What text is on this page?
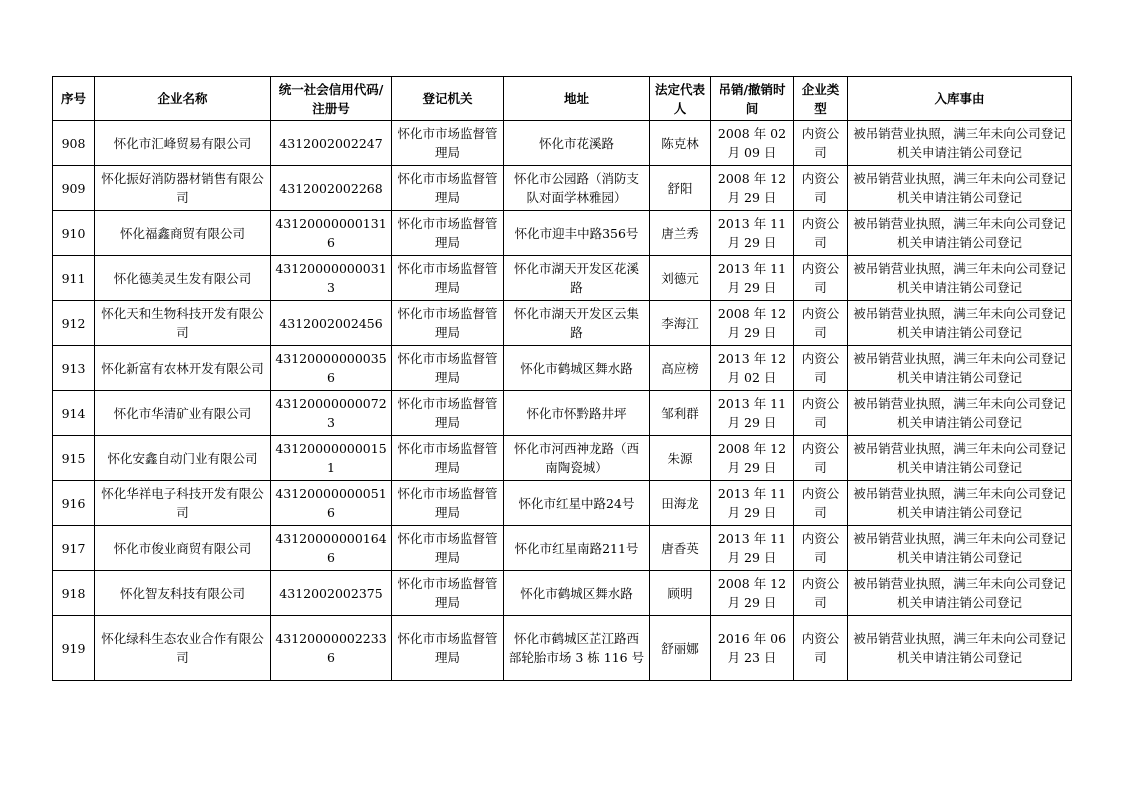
序号	企业名称	统一社会信用代码/注册号	登记机关	地址	法定代表人	吊销/撤销时间	企业类型	入库事由
908	怀化市汇峰贸易有限公司	4312002002247	怀化市市场监督管理局	怀化市花溪路	陈克林	2008 年 02 月 09 日	内资公司	被吊销营业执照，满三年未向公司登记机关申请注销公司登记
909	怀化振好消防器材销售有限公司	4312002002268	怀化市市场监督管理局	怀化市公园路（消防支队对面学林雅园）	舒阳	2008 年 12 月 29 日	内资公司	被吊销营业执照，满三年未向公司登记机关申请注销公司登记
910	怀化福鑫商贸有限公司	431200000001316	怀化市市场监督管理局	怀化市迎丰中路356号	唐兰秀	2013 年 11 月 29 日	内资公司	被吊销营业执照，满三年未向公司登记机关申请注销公司登记
911	怀化德美灵生发有限公司	431200000000313	怀化市市场监督管理局	怀化市湖天开发区花溪路	刘德元	2013 年 11 月 29 日	内资公司	被吊销营业执照，满三年未向公司登记机关申请注销公司登记
912	怀化天和生物科技开发有限公司	4312002002456	怀化市市场监督管理局	怀化市湖天开发区云集路	李海江	2008 年 12 月 29 日	内资公司	被吊销营业执照，满三年未向公司登记机关申请注销公司登记
913	怀化新富有农林开发有限公司	431200000000356	怀化市市场监督管理局	怀化市鹤城区舞水路	高应榜	2013 年 12 月 02 日	内资公司	被吊销营业执照，满三年未向公司登记机关申请注销公司登记
914	怀化市华清矿业有限公司	431200000000723	怀化市市场监督管理局	怀化市怀黔路井坪	邹利群	2013 年 11 月 29 日	内资公司	被吊销营业执照，满三年未向公司登记机关申请注销公司登记
915	怀化安鑫自动门业有限公司	431200000000151	怀化市市场监督管理局	怀化市河西神龙路（西南陶瓷城）	朱源	2008 年 12 月 29 日	内资公司	被吊销营业执照，满三年未向公司登记机关申请注销公司登记
916	怀化华祥电子科技开发有限公司	431200000000516	怀化市市场监督管理局	怀化市红星中路24号	田海龙	2013 年 11 月 29 日	内资公司	被吊销营业执照，满三年未向公司登记机关申请注销公司登记
917	怀化市俊业商贸有限公司	431200000001646	怀化市市场监督管理局	怀化市红星南路211号	唐香英	2013 年 11 月 29 日	内资公司	被吊销营业执照，满三年未向公司登记机关申请注销公司登记
918	怀化智友科技有限公司	4312002002375	怀化市市场监督管理局	怀化市鹤城区舞水路	顾明	2008 年 12 月 29 日	内资公司	被吊销营业执照，满三年未向公司登记机关申请注销公司登记
919	怀化绿科生态农业合作有限公司	431200000022336	怀化市市场监督管理局	怀化市鹤城区芷江路西部轮胎市场 3 栋 116 号	舒丽娜	2016 年 06 月 23 日	内资公司	被吊销营业执照，满三年未向公司登记机关申请注销公司登记
